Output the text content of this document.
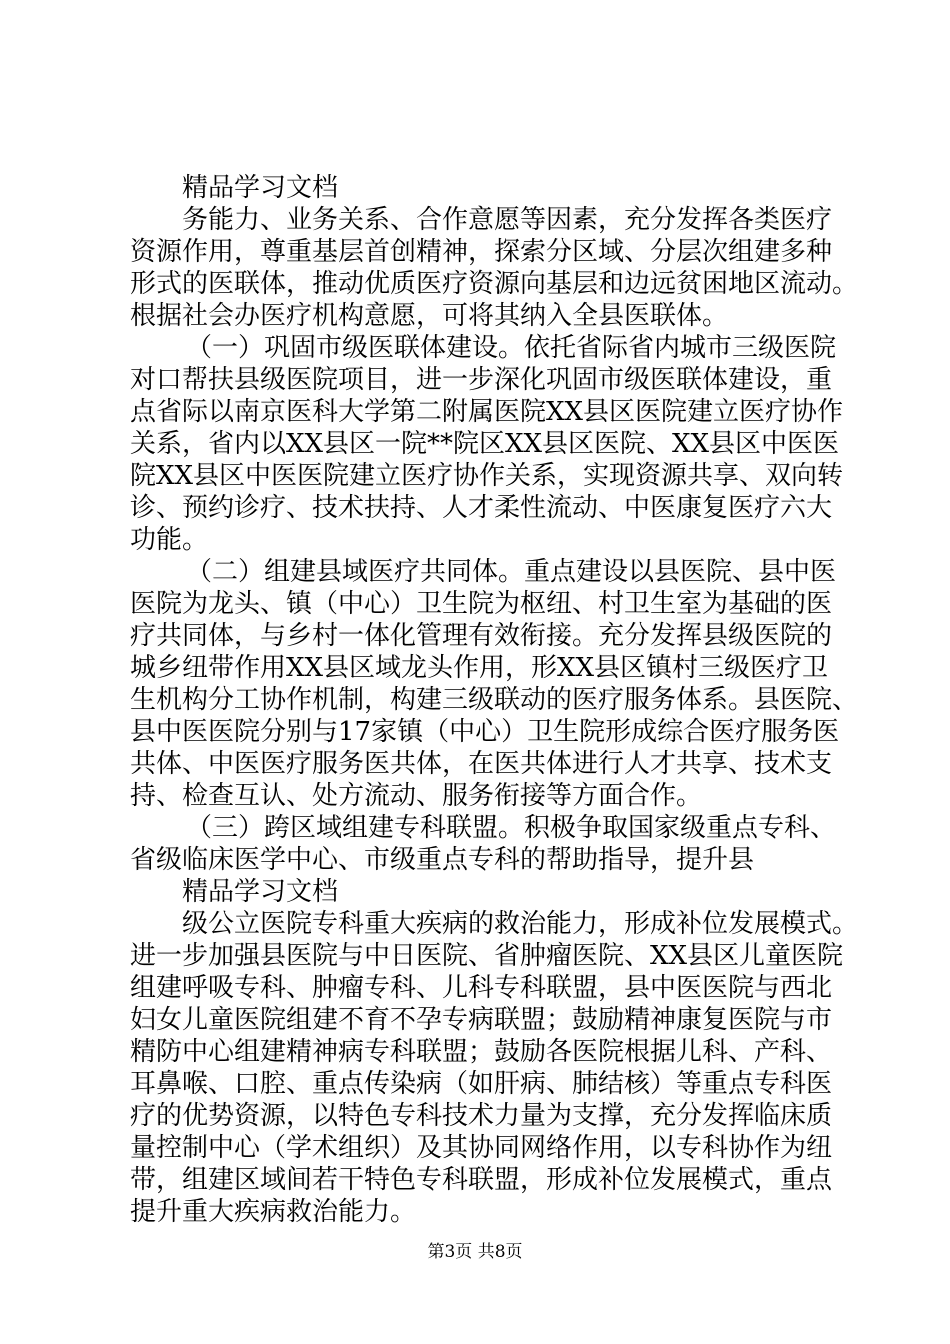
精品学习文档
务能力、业务关系、合作意愿等因素，充分发挥各类医疗
资源作用，尊重基层首创精神，探索分区域、分层次组建多种
形式的医联体，推动优质医疗资源向基层和边远贫困地区流动。
根据社会办医疗机构意愿，可将其纳入全县医联体。
（一）巩固市级医联体建设。依托省际省内城市三级医院
对口帮扶县级医院项目，进一步深化巩固市级医联体建设，重
点省际以南京医科大学第二附属医院XX县区医院建立医疗协作
关系，省内以XX县区一院**院区XX县区医院、XX县区中医医
院XX县区中医医院建立医疗协作关系，实现资源共享、双向转
诊、预约诊疗、技术扶持、人才柔性流动、中医康复医疗六大
功能。
（二）组建县域医疗共同体。重点建设以县医院、县中医
医院为龙头、镇（中心）卫生院为枢纽、村卫生室为基础的医
疗共同体，与乡村一体化管理有效衔接。充分发挥县级医院的
城乡纽带作用XX县区域龙头作用，形XX县区镇村三级医疗卫
生机构分工协作机制，构建三级联动的医疗服务体系。县医院、
县中医医院分别与17家镇（中心）卫生院形成综合医疗服务医
共体、中医医疗服务医共体，在医共体进行人才共享、技术支
持、检查互认、处方流动、服务衔接等方面合作。
（三）跨区域组建专科联盟。积极争取国家级重点专科、
省级临床医学中心、市级重点专科的帮助指导，提升县
精品学习文档
级公立医院专科重大疾病的救治能力，形成补位发展模式。
进一步加强县医院与中日医院、省肿瘤医院、XX县区儿童医院
组建呼吸专科、肿瘤专科、儿科专科联盟，县中医医院与西北
妇女儿童医院组建不育不孕专病联盟；鼓励精神康复医院与市
精防中心组建精神病专科联盟；鼓励各医院根据儿科、产科、
耳鼻喉、口腔、重点传染病（如肝病、肺结核）等重点专科医
疗的优势资源，以特色专科技术力量为支撑，充分发挥临床质
量控制中心（学术组织）及其协同网络作用，以专科协作为纽
带，组建区域间若干特色专科联盟，形成补位发展模式，重点
提升重大疾病救治能力。
第3页 共8页
